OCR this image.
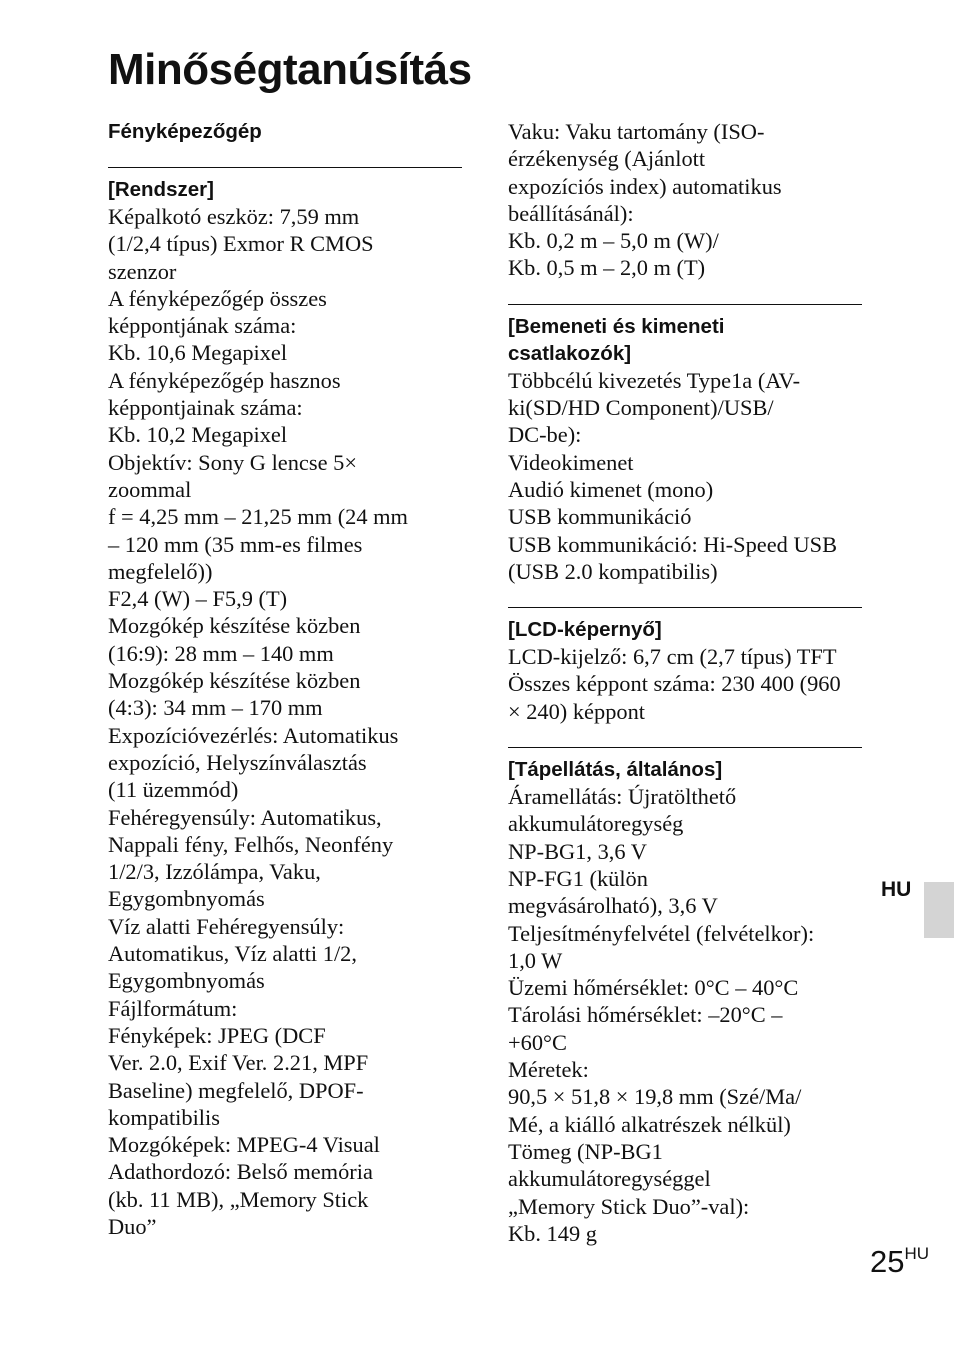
Minőségtanúsítás
Fényképezőgép
[Rendszer]
Képalkotó eszköz: 7,59 mm
(1/2,4 típus) Exmor R CMOS
szenzor
A fényképezőgép összes
képpontjának száma:
Kb. 10,6 Megapixel
A fényképezőgép hasznos
képpontjainak száma:
Kb. 10,2 Megapixel
Objektív: Sony G lencse 5×
zoommal
f = 4,25 mm – 21,25 mm (24 mm
– 120 mm (35 mm-es filmes
megfelelő))
F2,4 (W) – F5,9 (T)
Mozgókép készítése közben
(16:9): 28 mm – 140 mm
Mozgókép készítése közben
(4:3): 34 mm – 170 mm
Expozícióvezérlés: Automatikus
expozíció, Helyszínválasztás
(11 üzemmód)
Fehéregyensúly: Automatikus,
Nappali fény, Felhős, Neonfény
1/2/3, Izzólámpa, Vaku,
Egygombnyomás
Víz alatti Fehéregyensúly:
Automatikus, Víz alatti 1/2,
Egygombnyomás
Fájlformátum:
Fényképek: JPEG (DCF
Ver. 2.0, Exif Ver. 2.21, MPF
Baseline) megfelelő, DPOF-
kompatibilis
Mozgóképek: MPEG-4 Visual
Adathordozó: Belső memória
(kb. 11 MB), „Memory Stick
Duo”
Vaku: Vaku tartomány (ISO-
érzékenység (Ajánlott
expozíciós index) automatikus
beállításánál):
Kb. 0,2 m – 5,0 m (W)/
Kb. 0,5 m – 2,0 m (T)
[Bemeneti és kimeneti
csatlakozók]
Többcélú kivezetés Type1a (AV-
ki(SD/HD Component)/USB/
DC-be):
Videokimenet
Audió kimenet (mono)
USB kommunikáció
USB kommunikáció: Hi-Speed USB
(USB 2.0 kompatibilis)
[LCD-képernyő]
LCD-kijelző: 6,7 cm (2,7 típus) TFT
Összes képpont száma: 230 400 (960
× 240) képpont
[Tápellátás, általános]
Áramellátás: Újratölthető
akkumulátoregység
NP-BG1, 3,6 V
NP-FG1 (külön
megvásárolható), 3,6 V
Teljesítményfelvétel (felvételkor):
1,0 W
Üzemi hőmérséklet: 0°C – 40°C
Tárolási hőmérséklet: –20°C –
+60°C
Méretek:
90,5 × 51,8 × 19,8 mm (Szé/Ma/
Mé, a kiálló alkatrészek nélkül)
Tömeg (NP-BG1
akkumulátoregységgel
„Memory Stick Duo”-val):
Kb. 149 g
HU
$25^{HU}$
